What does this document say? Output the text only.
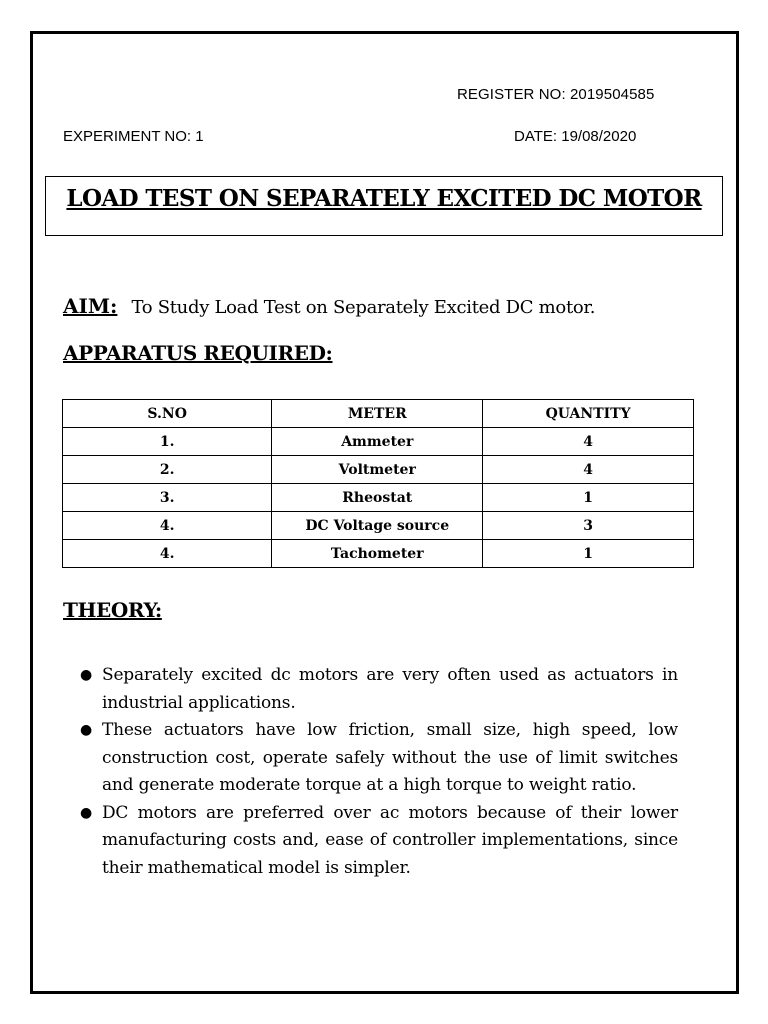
REGISTER NO: 2019504585
EXPERIMENT NO: 1	DATE: 19/08/2020
LOAD TEST ON SEPARATELY EXCITED DC MOTOR
AIM: To Study Load Test on Separately Excited DC motor.
APPARATUS REQUIRED:
S.NO	METER	QUANTITY
1.	Ammeter	4
2.	Voltmeter	4
3.	Rheostat	1
4.	DC Voltage source	3
4.	Tachometer	1
THEORY:
● Separately excited dc motors are very often used as actuators in industrial applications.
● These actuators have low friction, small size, high speed, low construction cost, operate safely without the use of limit switches and generate moderate torque at a high torque to weight ratio.
● DC motors are preferred over ac motors because of their lower manufacturing costs and, ease of controller implementations, since their mathematical model is simpler.
